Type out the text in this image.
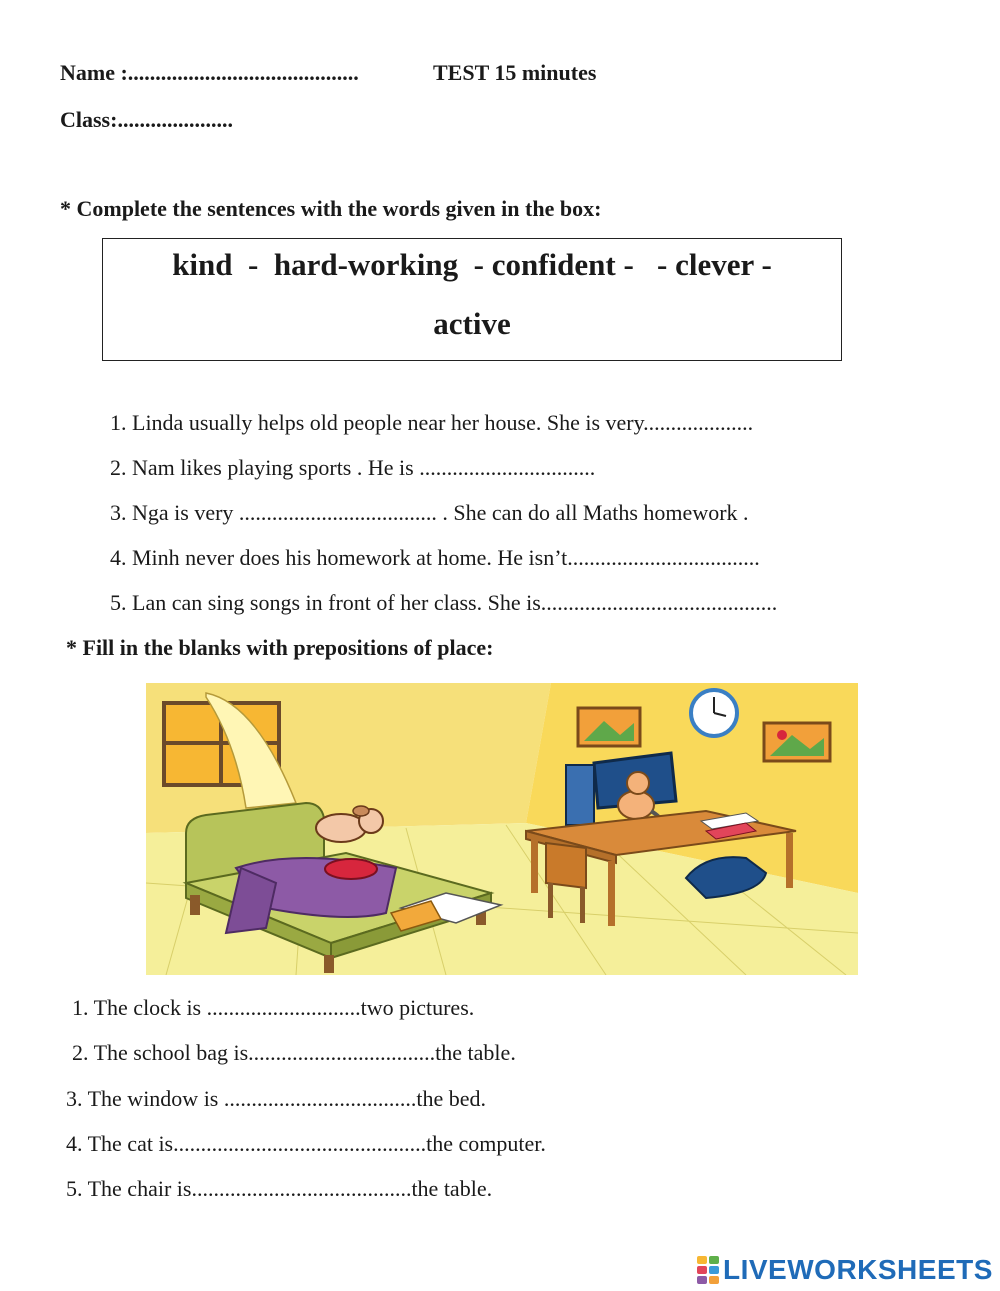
Name :..........................................	TEST 15 minutes
Class:.....................
* Complete the sentences with the words given in the box:
kind  -  hard-working  - confident -   - clever -
active
1. Linda usually helps old people near her house. She is very....................
2. Nam likes playing sports . He is ................................
3. Nga is very .................................... . She can do all Maths homework .
4. Minh never does his homework at home. He isn’t...................................
5. Lan can sing songs in front of her class. She is...........................................
* Fill in the blanks with prepositions of place:
1. The clock is ............................two pictures.
2. The school bag is..................................the table.
3. The window is ...................................the bed.
4. The cat is..............................................the computer.
5. The chair is........................................the table.
LIVEWORKSHEETS
